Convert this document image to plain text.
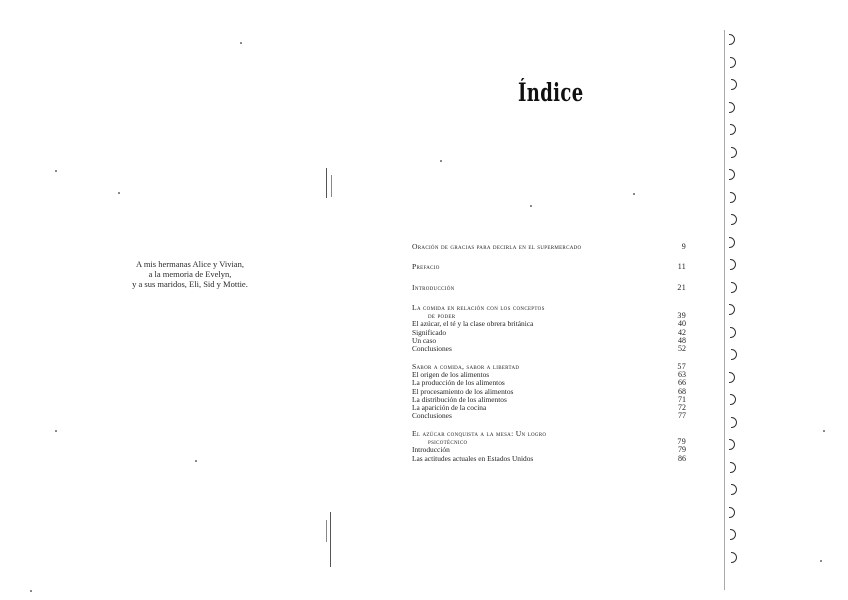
A mis hermanas Alice y Vivian,
a la memoria de Evelyn,
y a sus maridos, Eli, Sid y Mottie.
Índice
Oración de gracias para decirla en el supermercado	9
Prefacio	11
Introducción	21
La comida en relación con los conceptos
de poder	39
El azúcar, el té y la clase obrera británica	40
Significado	42
Un caso	48
Conclusiones	52
Sabor a comida, sabor a libertad	57
El origen de los alimentos	63
La producción de los alimentos	66
El procesamiento de los alimentos	68
La distribución de los alimentos	71
La aparición de la cocina	72
Conclusiones	77
El azúcar conquista a la mesa: Un logro
psicotécnico	79
Introducción	79
Las actitudes actuales en Estados Unidos	86
